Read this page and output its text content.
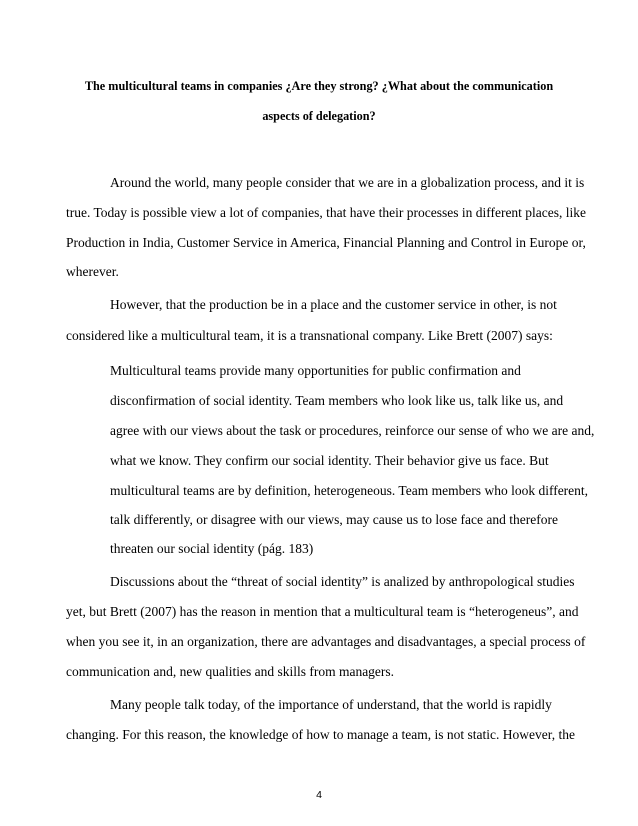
The multicultural teams in companies ¿Are they strong? ¿What about the communication
aspects of delegation?
Around the world, many people consider that we are in a globalization process, and it is
true. Today is possible view a lot of companies, that have their processes in different places, like
Production in India, Customer Service in America, Financial Planning and Control in Europe or,
wherever.
However, that the production be in a place and the customer service in other, is not
considered like a multicultural team, it is a transnational company. Like Brett (2007) says:
Multicultural teams provide many opportunities for public confirmation and
disconfirmation of social identity. Team members who look like us, talk like us, and
agree with our views about the task or procedures, reinforce our sense of who we are and,
what we know. They confirm our social identity. Their behavior give us face. But
multicultural teams are by definition, heterogeneous. Team members who look different,
talk differently, or disagree with our views, may cause us to lose face and therefore
threaten our social identity (pág. 183)
Discussions about the “threat of social identity” is analized by anthropological studies
yet, but Brett (2007) has the reason in mention that a multicultural team is “heterogeneus”, and
when you see it, in an organization, there are advantages and disadvantages, a special process of
communication and, new qualities and skills from managers.
Many people talk today, of the importance of understand, that the world is rapidly
changing. For this reason, the knowledge of how to manage a team, is not static. However, the
4
